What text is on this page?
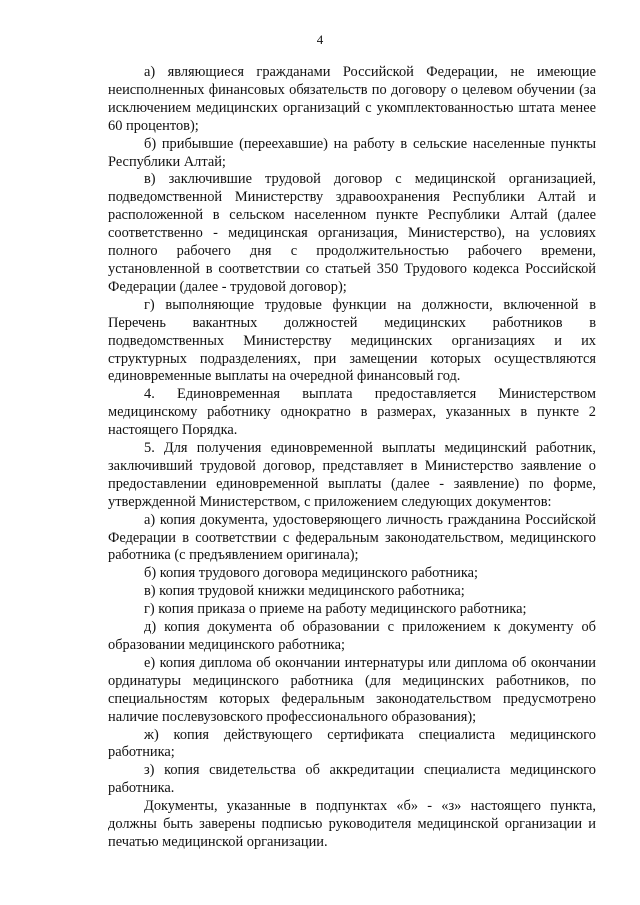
4

а) являющиеся гражданами Российской Федерации, не имеющие неисполненных финансовых обязательств по договору о целевом обучении (за исключением медицинских организаций с укомплектованностью штата менее 60 процентов);

б) прибывшие (переехавшие) на работу в сельские населенные пункты Республики Алтай;

в) заключившие трудовой договор с медицинской организацией, подведомственной Министерству здравоохранения Республики Алтай и расположенной в сельском населенном пункте Республики Алтай (далее соответственно - медицинская организация, Министерство), на условиях полного рабочего дня с продолжительностью рабочего времени, установленной в соответствии со статьей 350 Трудового кодекса Российской Федерации (далее - трудовой договор);

г) выполняющие трудовые функции на должности, включенной в Перечень вакантных должностей медицинских работников в подведомственных Министерству медицинских организациях и их структурных подразделениях, при замещении которых осуществляются единовременные выплаты на очередной финансовый год.

4. Единовременная выплата предоставляется Министерством медицинскому работнику однократно в размерах, указанных в пункте 2 настоящего Порядка.

5. Для получения единовременной выплаты медицинский работник, заключивший трудовой договор, представляет в Министерство заявление о предоставлении единовременной выплаты (далее - заявление) по форме, утвержденной Министерством, с приложением следующих документов:

а) копия документа, удостоверяющего личность гражданина Российской Федерации в соответствии с федеральным законодательством, медицинского работника (с предъявлением оригинала);

б) копия трудового договора медицинского работника;

в) копия трудовой книжки медицинского работника;

г) копия приказа о приеме на работу медицинского работника;

д) копия документа об образовании с приложением к документу об образовании медицинского работника;

е) копия диплома об окончании интернатуры или диплома об окончании ординатуры медицинского работника (для медицинских работников, по специальностям которых федеральным законодательством предусмотрено наличие послевузовского профессионального образования);

ж) копия действующего сертификата специалиста медицинского работника;

з) копия свидетельства об аккредитации специалиста медицинского работника.

Документы, указанные в подпунктах «б» - «з» настоящего пункта, должны быть заверены подписью руководителя медицинской организации и печатью медицинской организации.
